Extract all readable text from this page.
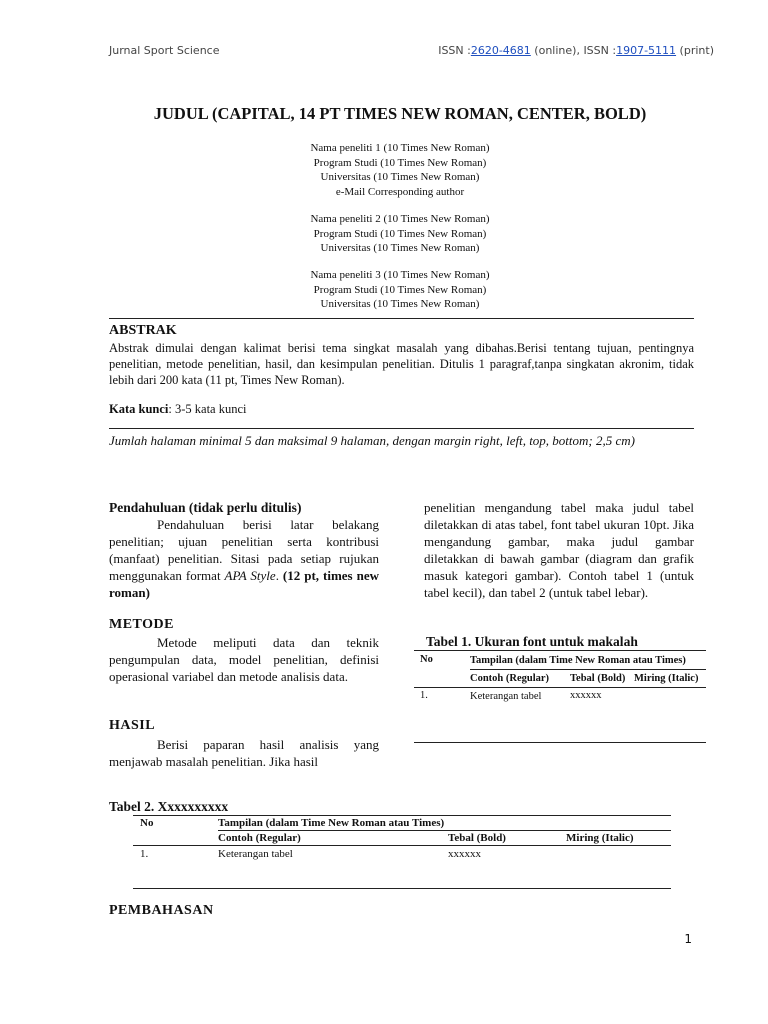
Jurnal Sport Science	ISSN :2620-4681 (online), ISSN :1907-5111 (print)
JUDUL (CAPITAL, 14 PT TIMES NEW ROMAN, CENTER, BOLD)
Nama peneliti 1 (10 Times New Roman)
Program Studi (10 Times New Roman)
Universitas (10 Times New Roman)
e-Mail Corresponding author
Nama peneliti 2 (10 Times New Roman)
Program Studi (10 Times New Roman)
Universitas (10 Times New Roman)
Nama peneliti 3 (10 Times New Roman)
Program Studi (10 Times New Roman)
Universitas (10 Times New Roman)
ABSTRAK
Abstrak dimulai dengan kalimat berisi tema singkat masalah yang dibahas.Berisi tentang tujuan, pentingnya penelitian, metode penelitian, hasil, dan kesimpulan penelitian. Ditulis 1 paragraf,tanpa singkatan akronim, tidak lebih dari 200 kata (11 pt, Times New Roman).
Kata kunci: 3-5 kata kunci
Jumlah halaman minimal 5 dan maksimal 9 halaman, dengan margin right, left, top, bottom; 2,5 cm)
Pendahuluan (tidak perlu ditulis)
Pendahuluan berisi latar belakang penelitian; ujuan penelitian serta kontribusi (manfaat) penelitian. Sitasi pada setiap rujukan menggunakan format APA Style. (12 pt, times new roman)
METODE
Metode meliputi data dan teknik pengumpulan data, model penelitian, definisi operasional variabel dan metode analisis data.
HASIL
Berisi paparan hasil analisis yang menjawab masalah penelitian. Jika hasil
penelitian mengandung tabel maka judul tabel diletakkan di atas tabel, font tabel ukuran 10pt. Jika mengandung gambar, maka judul gambar diletakkan di bawah gambar (diagram dan grafik masuk kategori gambar). Contoh tabel 1 (untuk tabel kecil), dan tabel 2 (untuk tabel lebar).
Tabel 1. Ukuran font untuk makalah
No	Tampilan (dalam Time New Roman atau Times)		
	Contoh (Regular)	Tebal (Bold)	Miring (Italic)
1.	Keterangan tabel	xxxxxx	
Tabel 2. Xxxxxxxxxx
No	Tampilan (dalam Time New Roman atau Times)		
	Contoh (Regular)	Tebal (Bold)	Miring (Italic)
1.	Keterangan tabel	xxxxxx	
PEMBAHASAN
1
